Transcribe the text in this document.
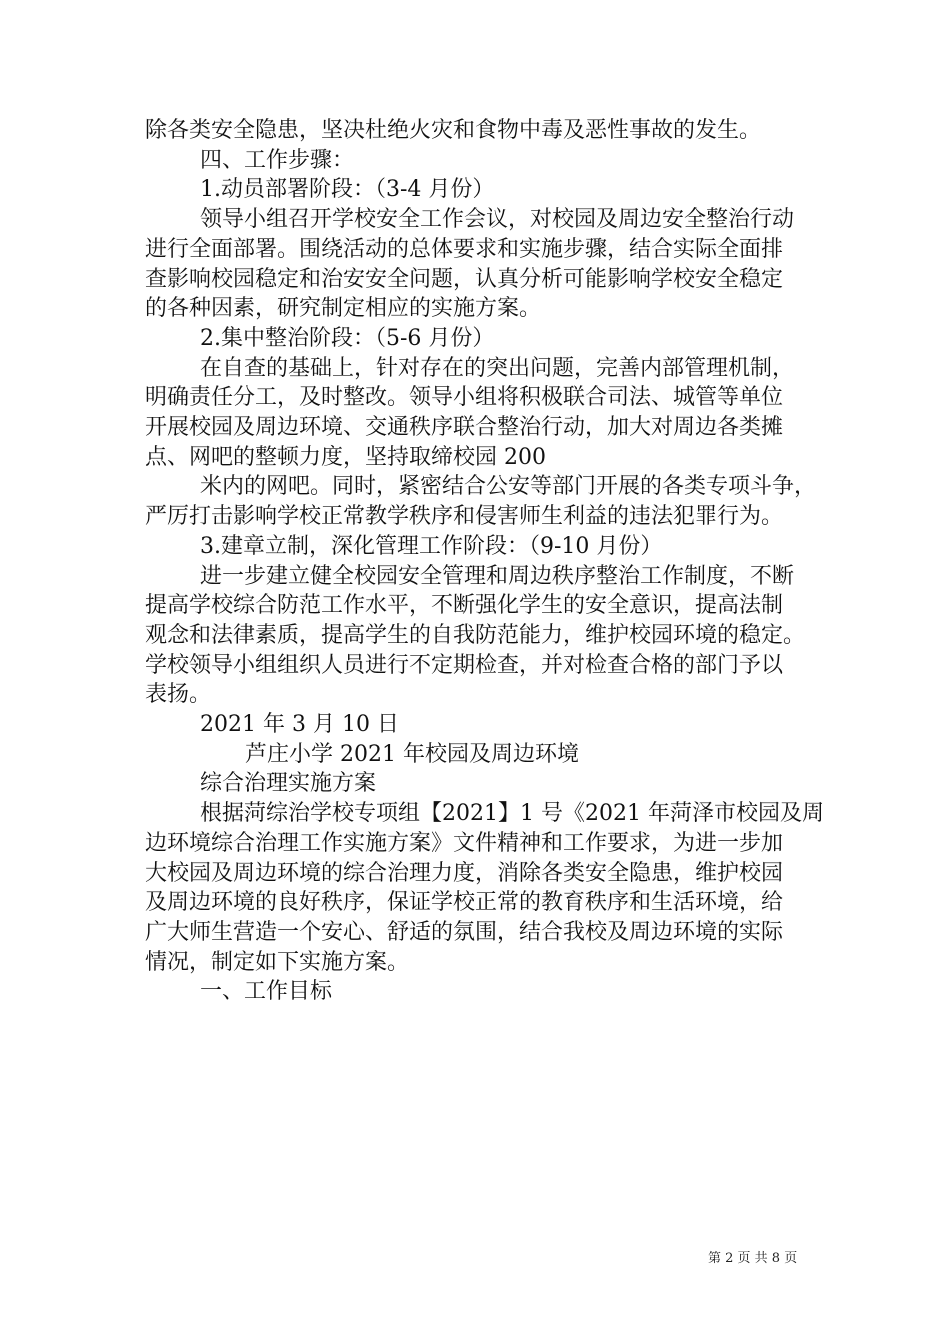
除各类安全隐患，坚决杜绝火灾和食物中毒及恶性事故的发生。
四、工作步骤：
1.动员部署阶段：（3-4 月份）
领导小组召开学校安全工作会议，对校园及周边安全整治行动
进行全面部署。围绕活动的总体要求和实施步骤，结合实际全面排
查影响校园稳定和治安安全问题，认真分析可能影响学校安全稳定
的各种因素，研究制定相应的实施方案。
2.集中整治阶段：（5-6 月份）
在自查的基础上，针对存在的突出问题，完善内部管理机制，
明确责任分工，及时整改。领导小组将积极联合司法、城管等单位
开展校园及周边环境、交通秩序联合整治行动，加大对周边各类摊
点、网吧的整顿力度，坚持取缔校园 200
米内的网吧。同时，紧密结合公安等部门开展的各类专项斗争，
严厉打击影响学校正常教学秩序和侵害师生利益的违法犯罪行为。
3.建章立制，深化管理工作阶段：（9-10 月份）
进一步建立健全校园安全管理和周边秩序整治工作制度，不断
提高学校综合防范工作水平，不断强化学生的安全意识，提高法制
观念和法律素质，提高学生的自我防范能力，维护校园环境的稳定。
学校领导小组组织人员进行不定期检查，并对检查合格的部门予以
表扬。
2021 年 3 月 10 日
芦庄小学 2021 年校园及周边环境
综合治理实施方案
根据菏综治学校专项组【2021】1 号《2021 年菏泽市校园及周
边环境综合治理工作实施方案》文件精神和工作要求，为进一步加
大校园及周边环境的综合治理力度，消除各类安全隐患，维护校园
及周边环境的良好秩序，保证学校正常的教育秩序和生活环境，给
广大师生营造一个安心、舒适的氛围，结合我校及周边环境的实际
情况，制定如下实施方案。
一、工作目标
第 2 页 共 8 页
